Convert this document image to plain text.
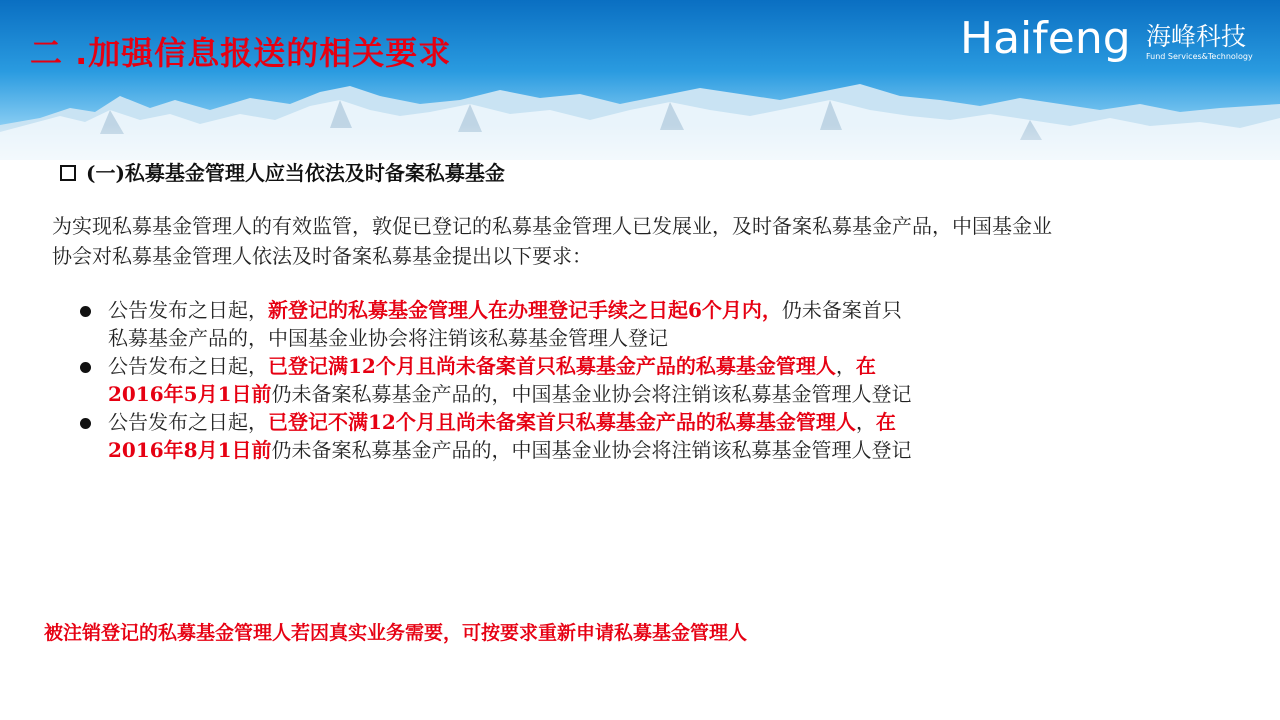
二 .加强信息报送的相关要求	Haifeng 海峰科技
Fund Services&Technology
(一)私募基金管理人应当依法及时备案私募基金
为实现私募基金管理人的有效监管，敦促已登记的私募基金管理人已发展业，及时备案私募基金产品，中国基金业协会对私募基金管理人依法及时备案私募基金提出以下要求：
公告发布之日起，新登记的私募基金管理人在办理登记手续之日起6个月内，仍未备案首只私募基金产品的，中国基金业协会将注销该私募基金管理人登记
公告发布之日起，已登记满12个月且尚未备案首只私募基金产品的私募基金管理人，在2016年5月1日前仍未备案私募基金产品的，中国基金业协会将注销该私募基金管理人登记
公告发布之日起，已登记不满12个月且尚未备案首只私募基金产品的私募基金管理人，在2016年8月1日前仍未备案私募基金产品的，中国基金业协会将注销该私募基金管理人登记
被注销登记的私募基金管理人若因真实业务需要，可按要求重新申请私募基金管理人
